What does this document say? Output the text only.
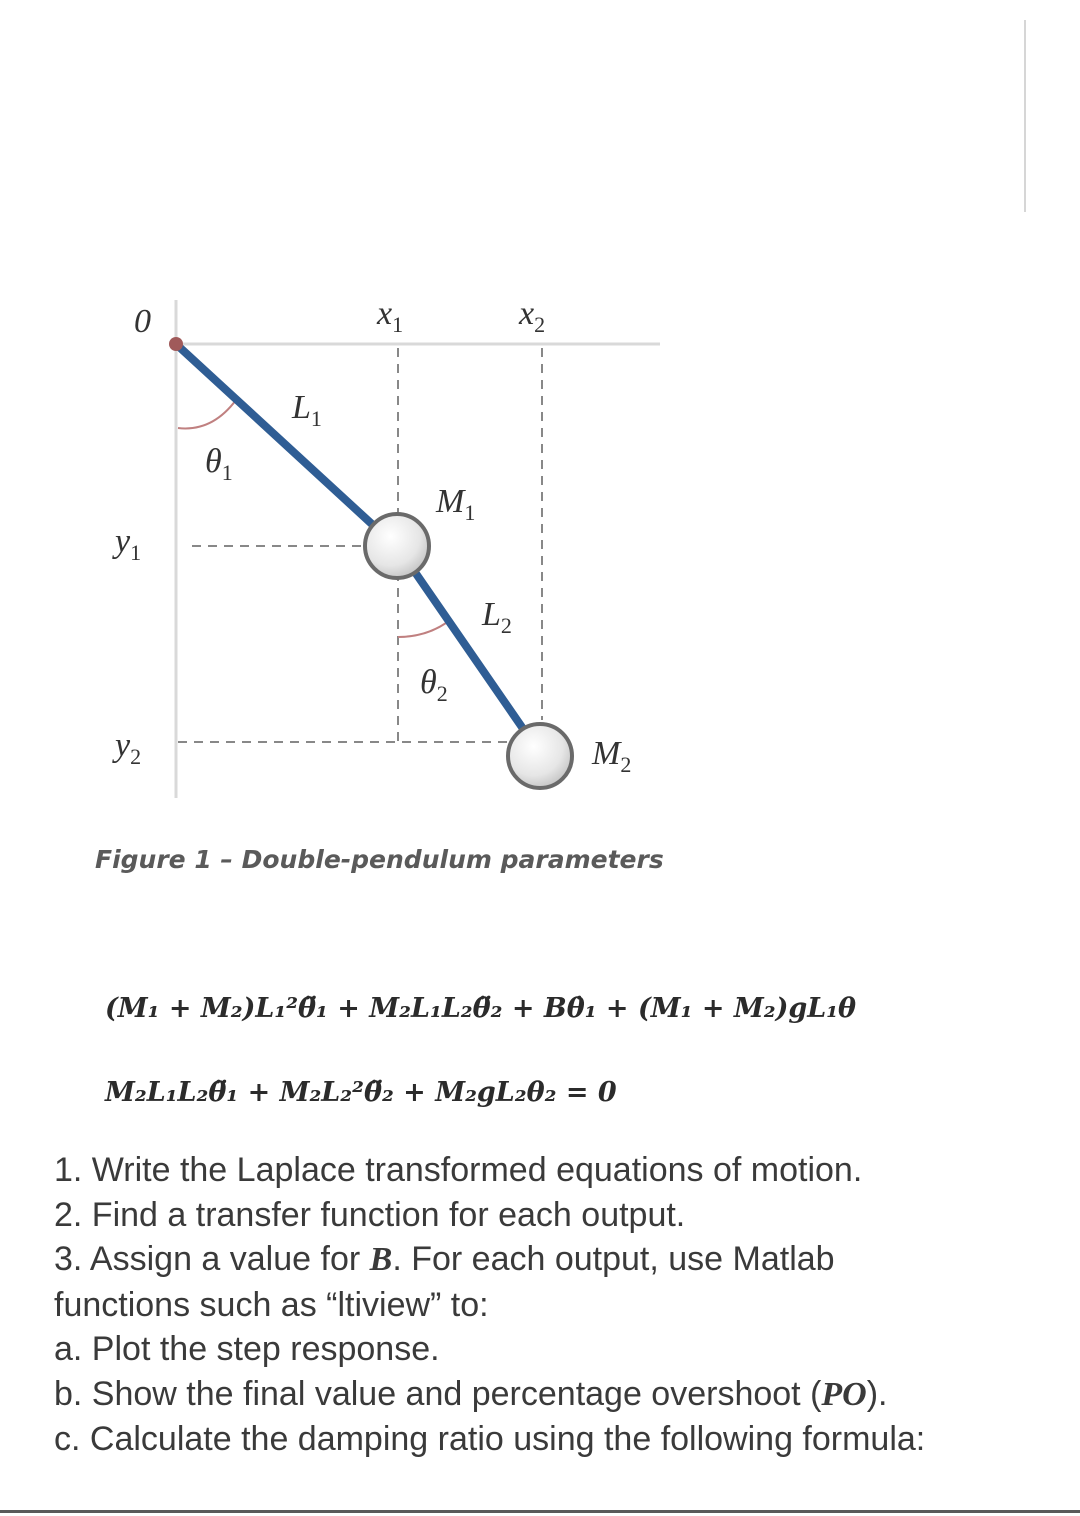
0	$x_1$	$x_2$
$y_1$
$y_2$
$L_1$
$L_2$
$\theta_1$
$\theta_2$
$M_1$
$M_2$
Figure 1 – Double-pendulum parameters
(M₁ + M₂)L₁²θ̈₁ + M₂L₁L₂θ̈₂ + Bθ̇₁ + (M₁ + M₂)gL₁θ
M₂L₁L₂θ̈₁ + M₂L₂²θ̈₂ + M₂gL₂θ₂ = 0
1. Write the Laplace transformed equations of motion.
2. Find a transfer function for each output.
3. Assign a value for B. For each output, use Matlab
functions such as “ltiview” to:
a. Plot the step response.
b. Show the final value and percentage overshoot (PO).
c. Calculate the damping ratio using the following formula:
